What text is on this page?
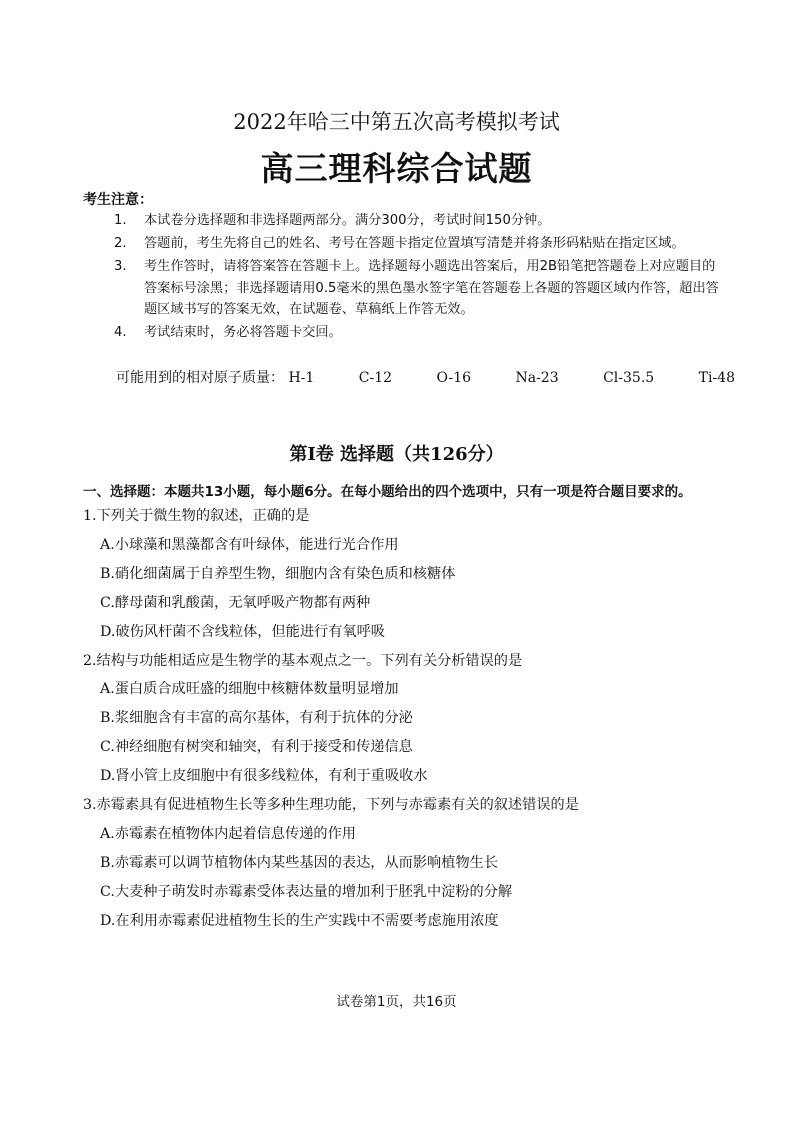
2022年哈三中第五次高考模拟考试
高三理科综合试题
考生注意：
1. 本试卷分选择题和非选择题两部分。满分300分，考试时间150分钟。
2. 答题前，考生先将自己的姓名、考号在答题卡指定位置填写清楚并将条形码粘贴在指定区域。
3. 考生作答时，请将答案答在答题卡上。选择题每小题选出答案后，用2B铅笔把答题卷上对应题目的答案标号涂黑；非选择题请用0.5毫米的黑色墨水签字笔在答题卷上各题的答题区域内作答，超出答题区域书写的答案无效，在试题卷、草稿纸上作答无效。
4. 考试结束时，务必将答题卡交回。
可能用到的相对原子质量： H-1	C-12	O-16	Na-23	Cl-35.5	Ti-48
第Ⅰ卷 选择题（共126分）
一、选择题：本题共13小题，每小题6分。在每小题给出的四个选项中，只有一项是符合题目要求的。
1.下列关于微生物的叙述，正确的是
A.小球藻和黑藻都含有叶绿体，能进行光合作用
B.硝化细菌属于自养型生物，细胞内含有染色质和核糖体
C.酵母菌和乳酸菌，无氧呼吸产物都有两种
D.破伤风杆菌不含线粒体，但能进行有氧呼吸
2.结构与功能相适应是生物学的基本观点之一。下列有关分析错误的是
A.蛋白质合成旺盛的细胞中核糖体数量明显增加
B.浆细胞含有丰富的高尔基体，有利于抗体的分泌
C.神经细胞有树突和轴突，有利于接受和传递信息
D.肾小管上皮细胞中有很多线粒体，有利于重吸收水
3.赤霉素具有促进植物生长等多种生理功能，下列与赤霉素有关的叙述错误的是
A.赤霉素在植物体内起着信息传递的作用
B.赤霉素可以调节植物体内某些基因的表达，从而影响植物生长
C.大麦种子萌发时赤霉素受体表达量的增加利于胚乳中淀粉的分解
D.在利用赤霉素促进植物生长的生产实践中不需要考虑施用浓度
试卷第1页，共16页
